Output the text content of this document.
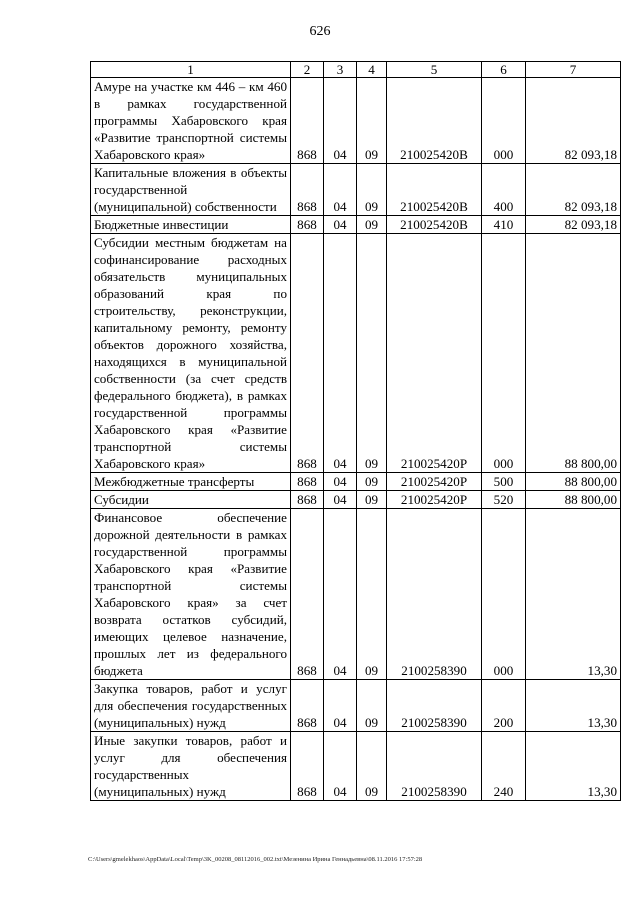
626
1	2	3	4	5	6	7
Амуре на участке км 446 – км 460 в рамках государственной программы Хабаровского края «Развитие транспортной системы Хабаровского края»	868	04	09	210025420В	000	82 093,18
Капитальные вложения в объекты государственной (муниципальной) собственности	868	04	09	210025420В	400	82 093,18
Бюджетные инвестиции	868	04	09	210025420В	410	82 093,18
Субсидии местным бюджетам на софинансирование расходных обязательств муниципальных образований края по строительству, реконструкции, капитальному ремонту, ремонту объектов дорожного хозяйства, находящихся в муниципальной собственности (за счет средств федерального бюджета), в рамках государственной программы Хабаровского края «Развитие транспортной системы Хабаровского края»	868	04	09	210025420Р	000	88 800,00
Межбюджетные трансферты	868	04	09	210025420Р	500	88 800,00
Субсидии	868	04	09	210025420Р	520	88 800,00
Финансовое обеспечение дорожной деятельности в рамках государственной программы Хабаровского края «Развитие транспортной системы Хабаровского края» за счет возврата остатков субсидий, имеющих целевое назначение, прошлых лет из федерального бюджета	868	04	09	2100258390	000	13,30
Закупка товаров, работ и услуг для обеспечения государственных (муниципальных) нужд	868	04	09	2100258390	200	13,30
Иные закупки товаров, работ и услуг для обеспечения государственных (муниципальных) нужд	868	04	09	2100258390	240	13,30
C:\Users\gmelekhaos\AppData\Local\Temp\3K_00208_08112016_002.txt\Мезенина Ирина Геннадьевна\08.11.2016 17:57:28
